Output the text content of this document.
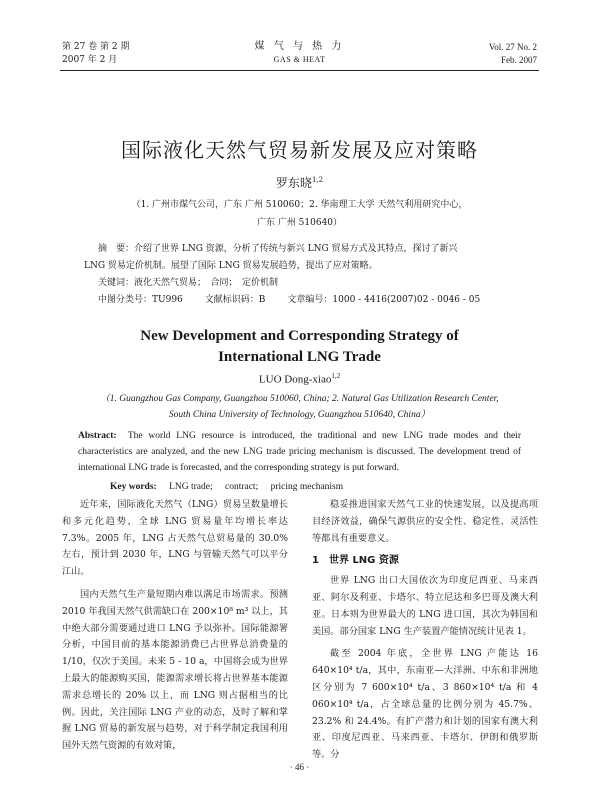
第 27 卷 第 2 期
2007 年 2 月
煤 气 与 热 力
GAS & HEAT
Vol. 27 No. 2
Feb. 2007
国际液化天然气贸易新发展及应对策略
罗东晓$^{1,2}$
（1. 广州市煤气公司，广东 广州 510060；2. 华南理工大学 天然气利用研究中心，
广东 广州 510640）
摘　要：介绍了世界 LNG 资源，分析了传统与新兴 LNG 贸易方式及其特点，探讨了新兴
LNG 贸易定价机制。展望了国际 LNG 贸易发展趋势，提出了应对策略。
关键词：液化天然气贸易；　合同；　定价机制
中图分类号：TU996 文献标识码：B 文章编号：1000 - 4416(2007)02 - 0046 - 05
New Development and Corresponding Strategy of
International LNG Trade
LUO Dong-xiao$^{1,2}$
（1. Guangzhou Gas Company, Guangzhou 510060, China; 2. Natural Gas Utilization Research Center,
South China University of Technology, Guangzhou 510640, China）
Abstract: The world LNG resource is introduced, the traditional and new LNG trade modes and their characteristics are analyzed, and the new LNG trade pricing mechanism is discussed. The development trend of international LNG trade is forecasted, and the corresponding strategy is put forward.
Key words: LNG trade; contract; pricing mechanism

近年来，国际液化天然气（LNG）贸易呈数量增长和多元化趋势，全球 LNG 贸易量年均增长率达 7.3%。2005 年，LNG 占天然气总贸易量的 30.0% 左右，预计到 2030 年，LNG 与管输天然气可以平分江山。

国内天然气生产量短期内难以满足市场需求。预测 2010 年我国天然气供需缺口在 200×10⁸ m³ 以上，其中绝大部分需要通过进口 LNG 予以弥补。国际能源署分析，中国目前的基本能源消费已占世界总消费量的 1/10，仅次于美国。未来 5 - 10 a，中国将会成为世界上最大的能源购买国，能源需求增长将占世界基本能源需求总增长的 20% 以上，而 LNG 则占据相当的比例。因此，关注国际 LNG 产业的动态，及时了解和掌握 LNG 贸易的新发展与趋势，对于科学制定我国利用国外天然气资源的有效对策，

稳妥推进国家天然气工业的快速发展，以及提高项目经济效益，确保气源供应的安全性、稳定性、灵活性等都具有重要意义。

1　世界 LNG 资源

世界 LNG 出口大国依次为印度尼西亚、马来西亚、阿尔及利亚、卡塔尔、特立尼达和多巴哥及澳大利亚。日本则为世界最大的 LNG 进口国，其次为韩国和美国。部分国家 LNG 生产装置产能情况统计见表 1。

截至 2004 年底，全世界 LNG 产能达 16 640×10⁴ t/a，其中，东南亚—大洋洲、中东和非洲地区分别为 7 600×10⁴ t/a、3 860×10⁴ t/a 和 4 060×10⁴ t/a，占全球总量的比例分别为 45.7%、23.2% 和 24.4%。有扩产潜力和计划的国家有澳大利亚、印度尼西亚、马来西亚、卡塔尔、伊朗和俄罗斯等。分

· 46 ·
